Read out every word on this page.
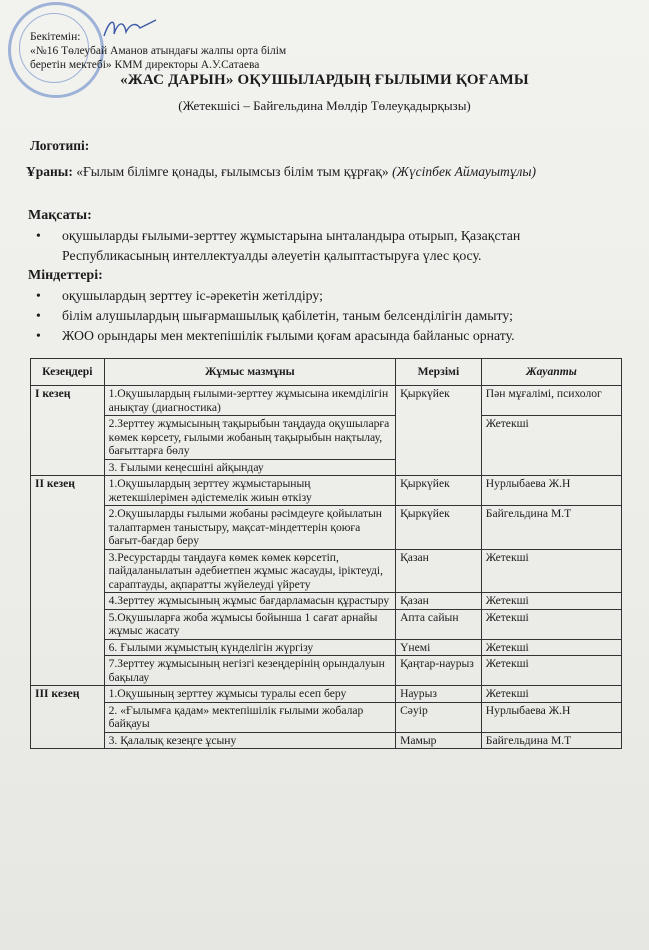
Бекітемін:
«№16 Төлеубай Аманов атындағы жалпы орта білім
беретін мектебі» КММ директоры А.У.Сатаева
«ЖАС ДАРЫН» ОҚУШЫЛАРДЫҢ ҒЫЛЫМИ ҚОҒАМЫ
(Жетекшісі – Байгельдина Мөлдір Төлеуқадырқызы)
Логотипі:
Ұраны: «Ғылым білімге қонады, ғылымсыз білім тым құрғақ» (Жүсіпбек Аймауытұлы)
Мақсаты:
• оқушыларды ғылыми-зерттеу жұмыстарына ынталандыра отырып, Қазақстан Республикасының интеллектуалды әлеуетін қалыптастыруға үлес қосу.
Міндеттері:
• оқушылардың зерттеу іс-әрекетін жетілдіру;
• білім алушылардың шығармашылық қабілетін, таным белсенділігін дамыту;
• ЖОО орындары мен мектепішілік ғылыми қоғам арасында байланыс орнату.
Кезеңдері	Жұмыс мазмұны	Мерзімі	Жауапты
І кезең	1.Оқушылардың ғылыми-зерттеу жұмысына икемділігін анықтау (диагностика)	Қыркүйек	Пән мұғалімі, психолог
	2.Зерттеу жұмысының тақырыбын таңдауда оқушыларға көмек көрсету, ғылыми жобаның тақырыбын нақтылау, бағыттарға бөлу		Жетекші
	3. Ғылыми кеңесшіні айқындау		
ІІ кезең	1.Оқушылардың зерттеу жұмыстарының жетекшілерімен әдістемелік жиын өткізу	Қыркүйек	Нурлыбаева Ж.Н
	2.Оқушыларды ғылыми жобаны рәсімдеуге қойылатын талаптармен таныстыру, мақсат-міндеттерін қоюға бағыт-бағдар беру	Қыркүйек	Байгельдина М.Т
	3.Ресурстарды таңдауға көмек көмек көрсетіп, пайдаланылатын әдебиетпен жұмыс жасауды, іріктеуді, сараптауды, ақпаратты жүйелеуді үйрету	Қазан	Жетекші
	4.Зерттеу жұмысының жұмыс бағдарламасын құрастыру	Қазан	Жетекші
	5.Оқушыларға жоба жұмысы бойынша 1 сағат арнайы жұмыс жасату	Апта сайын	Жетекші
	6. Ғылыми жұмыстың күнделігін жүргізу	Үнемі	Жетекші
	7.Зерттеу жұмысының негізгі кезеңдерінің орындалуын бақылау	Қаңтар-наурыз	Жетекші
ІІІ кезең	1.Оқушының зерттеу жұмысы туралы есеп беру	Наурыз	Жетекші
	2. «Ғылымға қадам» мектепішілік ғылыми жобалар байқауы	Сәуір	Нурлыбаева Ж.Н
	3. Қалалық кезеңге ұсыну	Мамыр	Байгельдина М.Т
